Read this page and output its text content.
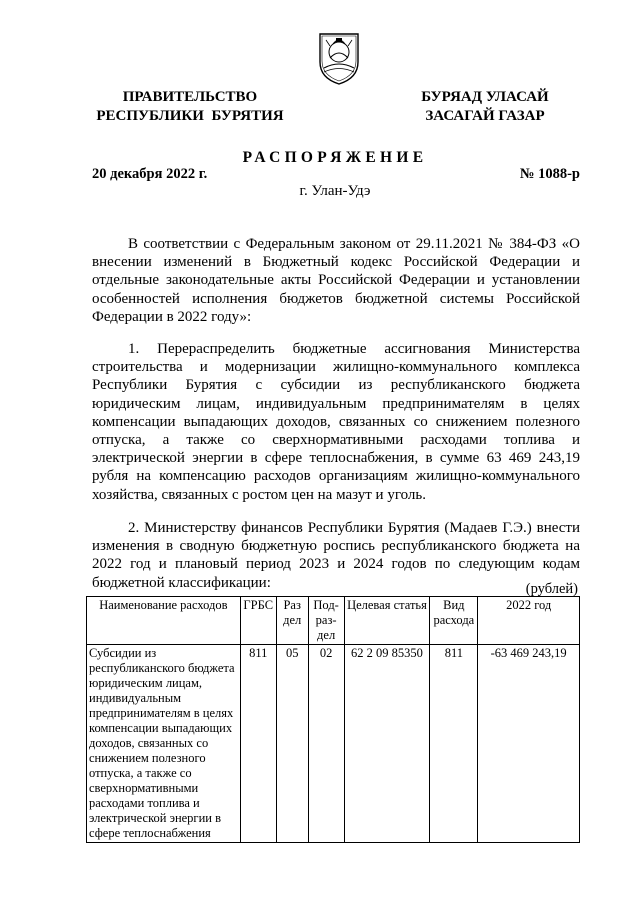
ПРАВИТЕЛЬСТВО
РЕСПУБЛИКИ  БУРЯТИЯ
БУРЯАД УЛАСАЙ
ЗАСАГАЙ ГАЗАР
РАСПОРЯЖЕНИЕ
20 декабря 2022 г.	№ 1088-р
г. Улан-Удэ
В соответствии с Федеральным законом от 29.11.2021 № 384-ФЗ «О внесении изменений в Бюджетный кодекс Российской Федерации и отдельные законодательные акты Российской Федерации и установлении особенностей исполнения бюджетов бюджетной системы Российской Федерации в 2022 году»:
1. Перераспределить бюджетные ассигнования Министерства строительства и модернизации жилищно-коммунального комплекса Республики Бурятия с субсидии из республиканского бюджета юридическим лицам, индивидуальным предпринимателям в целях компенсации выпадающих доходов, связанных со снижением полезного отпуска, а также со сверхнормативными расходами топлива и электрической энергии в сфере теплоснабжения, в сумме 63 469 243,19 рубля на компенсацию расходов организациям жилищно-коммунального хозяйства, связанных с ростом цен на мазут и уголь.
2. Министерству финансов Республики Бурятия (Мадаев Г.Э.) внести изменения в сводную бюджетную роспись республиканского бюджета на 2022 год и плановый период 2023 и 2024 годов по следующим кодам бюджетной классификации:	(рублей)
Наименование расходов	ГРБС	Раз дел	Под-раз-дел	Целевая статья	Вид расхода	2022 год
Субсидии из республиканского бюджета юридическим лицам, индивидуальным предпринимателям в целях компенсации выпадающих доходов, связанных со снижением полезного отпуска, а также со сверхнормативными расходами топлива и электрической энергии в сфере теплоснабжения	811	05	02	62 2 09 85350	811	-63 469 243,19
